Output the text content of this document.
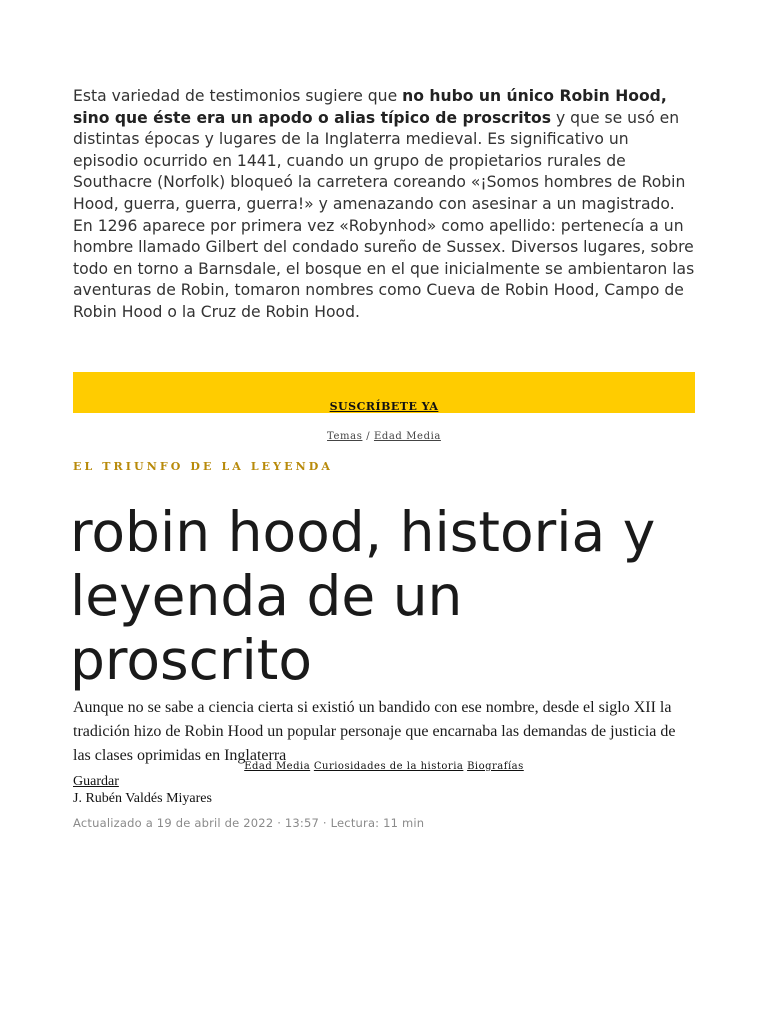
Esta variedad de testimonios sugiere que no hubo un único Robin Hood, sino que éste era un apodo o alias típico de proscritos y que se usó en distintas épocas y lugares de la Inglaterra medieval. Es significativo un episodio ocurrido en 1441, cuando un grupo de propietarios rurales de Southacre (Norfolk) bloqueó la carretera coreando «¡Somos hombres de Robin Hood, guerra, guerra, guerra!» y amenazando con asesinar a un magistrado. En 1296 aparece por primera vez «Robynhod» como apellido: pertenecía a un hombre llamado Gilbert del condado sureño de Sussex. Diversos lugares, sobre todo en torno a Barnsdale, el bosque en el que inicialmente se ambientaron las aventuras de Robin, tomaron nombres como Cueva de Robin Hood, Campo de Robin Hood o la Cruz de Robin Hood.

SUSCRÍBETE YA
Temas / Edad Media
EL TRIUNFO DE LA LEYENDA
robin hood, historia y leyenda de un proscrito

Aunque no se sabe a ciencia cierta si existió un bandido con ese nombre, desde el siglo XII la tradición hizo de Robin Hood un popular personaje que encarnaba las demandas de justicia de las clases oprimidas en Inglaterra

Edad Media Curiosidades de la historia Biografías
Guardar
J. Rubén Valdés Miyares
Actualizado a 19 de abril de 2022 · 13:57 · Lectura: 11 min
